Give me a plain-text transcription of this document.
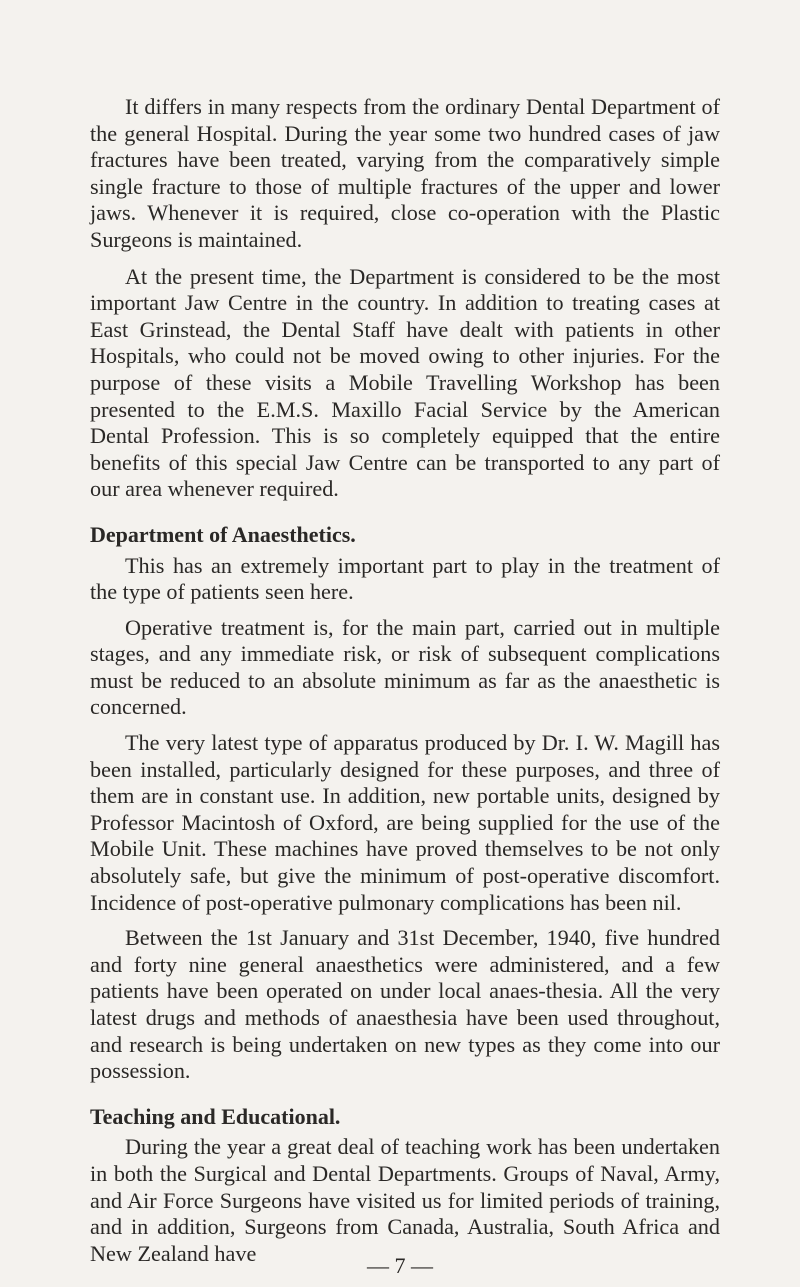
It differs in many respects from the ordinary Dental Department of the general Hospital. During the year some two hundred cases of jaw fractures have been treated, varying from the comparatively simple single fracture to those of multiple fractures of the upper and lower jaws. Whenever it is required, close co-operation with the Plastic Surgeons is maintained.

At the present time, the Department is considered to be the most important Jaw Centre in the country. In addition to treating cases at East Grinstead, the Dental Staff have dealt with patients in other Hospitals, who could not be moved owing to other injuries. For the purpose of these visits a Mobile Travelling Workshop has been presented to the E.M.S. Maxillo Facial Service by the American Dental Profession. This is so completely equipped that the entire benefits of this special Jaw Centre can be transported to any part of our area whenever required.

Department of Anaesthetics.

This has an extremely important part to play in the treatment of the type of patients seen here.

Operative treatment is, for the main part, carried out in multiple stages, and any immediate risk, or risk of subsequent complications must be reduced to an absolute minimum as far as the anaesthetic is concerned.

The very latest type of apparatus produced by Dr. I. W. Magill has been installed, particularly designed for these purposes, and three of them are in constant use. In addition, new portable units, designed by Professor Macintosh of Oxford, are being supplied for the use of the Mobile Unit. These machines have proved themselves to be not only absolutely safe, but give the minimum of post-operative discomfort. Incidence of post-operative pulmonary complications has been nil.

Between the 1st January and 31st December, 1940, five hundred and forty nine general anaesthetics were administered, and a few patients have been operated on under local anaes-thesia. All the very latest drugs and methods of anaesthesia have been used throughout, and research is being undertaken on new types as they come into our possession.

Teaching and Educational.

During the year a great deal of teaching work has been undertaken in both the Surgical and Dental Departments. Groups of Naval, Army, and Air Force Surgeons have visited us for limited periods of training, and in addition, Surgeons from Canada, Australia, South Africa and New Zealand have	— 7 —
